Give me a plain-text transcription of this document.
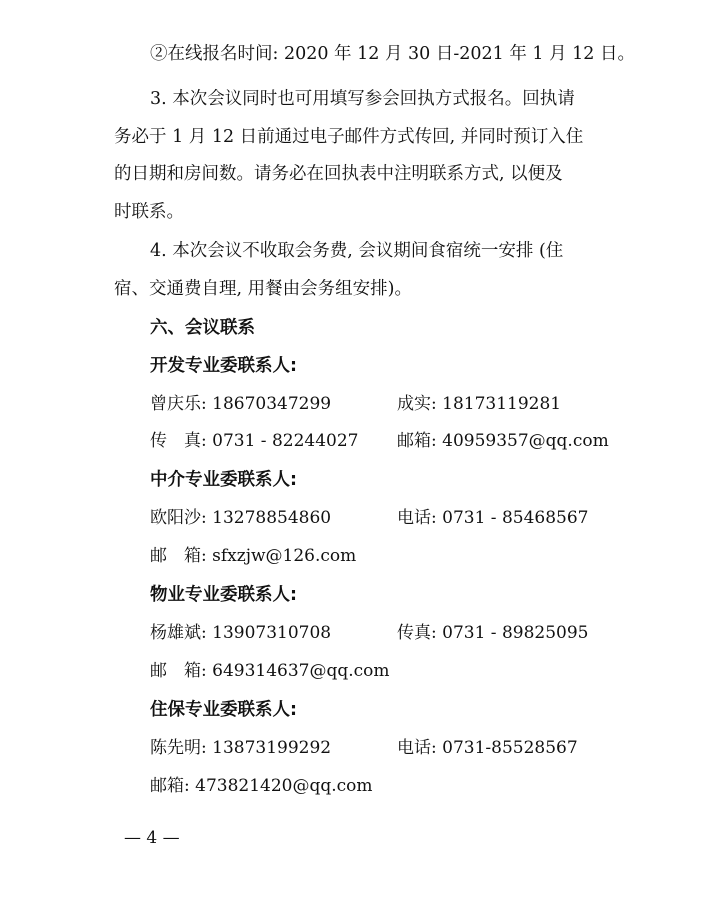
②在线报名时间: 2020 年 12 月 30 日-2021 年 1 月 12 日。
3. 本次会议同时也可用填写参会回执方式报名。回执请
务必于 1 月 12 日前通过电子邮件方式传回, 并同时预订入住
的日期和房间数。请务必在回执表中注明联系方式, 以便及
时联系。
4. 本次会议不收取会务费, 会议期间食宿统一安排 (住
宿、交通费自理, 用餐由会务组安排)。
六、会议联系
开发专业委联系人:
曾庆乐: 18670347299	成实: 18173119281
传　真: 0731 - 82244027 邮箱: 40959357@qq.com
中介专业委联系人:
欧阳沙: 13278854860	电话: 0731 - 85468567
邮　箱: sfxzjw@126.com
物业专业委联系人:
杨雄斌: 13907310708	传真: 0731 - 89825095
邮　箱: 649314637@qq.com
住保专业委联系人:
陈先明: 13873199292	电话: 0731-85528567
邮箱: 473821420@qq.com
— 4 —
